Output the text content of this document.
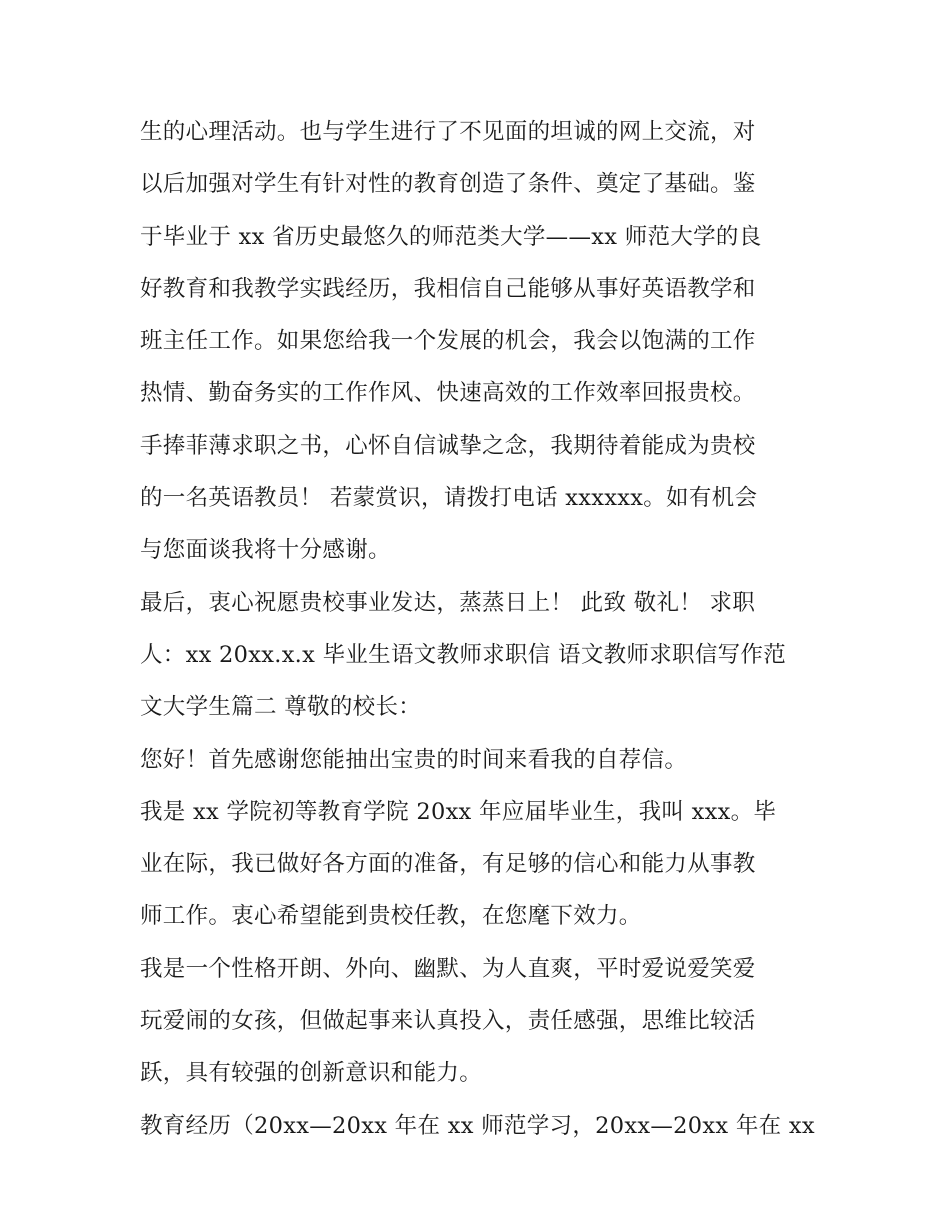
生的心理活动。也与学生进行了不见面的坦诚的网上交流，对
以后加强对学生有针对性的教育创造了条件、奠定了基础。鉴
于毕业于 xx 省历史最悠久的师范类大学——xx 师范大学的良
好教育和我教学实践经历，我相信自己能够从事好英语教学和
班主任工作。如果您给我一个发展的机会，我会以饱满的工作
热情、勤奋务实的工作作风、快速高效的工作效率回报贵校。
手捧菲薄求职之书，心怀自信诚挚之念，我期待着能成为贵校
的一名英语教员！ 若蒙赏识，请拨打电话 xxxxxx。如有机会
与您面谈我将十分感谢。
最后，衷心祝愿贵校事业发达，蒸蒸日上！ 此致 敬礼！ 求职
人：xx 20xx.x.x 毕业生语文教师求职信 语文教师求职信写作范
文大学生篇二 尊敬的校长：
您好！首先感谢您能抽出宝贵的时间来看我的自荐信。
我是 xx 学院初等教育学院 20xx 年应届毕业生，我叫 xxx。毕
业在际，我已做好各方面的准备，有足够的信心和能力从事教
师工作。衷心希望能到贵校任教，在您麾下效力。
我是一个性格开朗、外向、幽默、为人直爽，平时爱说爱笑爱
玩爱闹的女孩，但做起事来认真投入，责任感强，思维比较活
跃，具有较强的创新意识和能力。
教育经历（20xx—20xx 年在 xx 师范学习，20xx—20xx 年在 xx
